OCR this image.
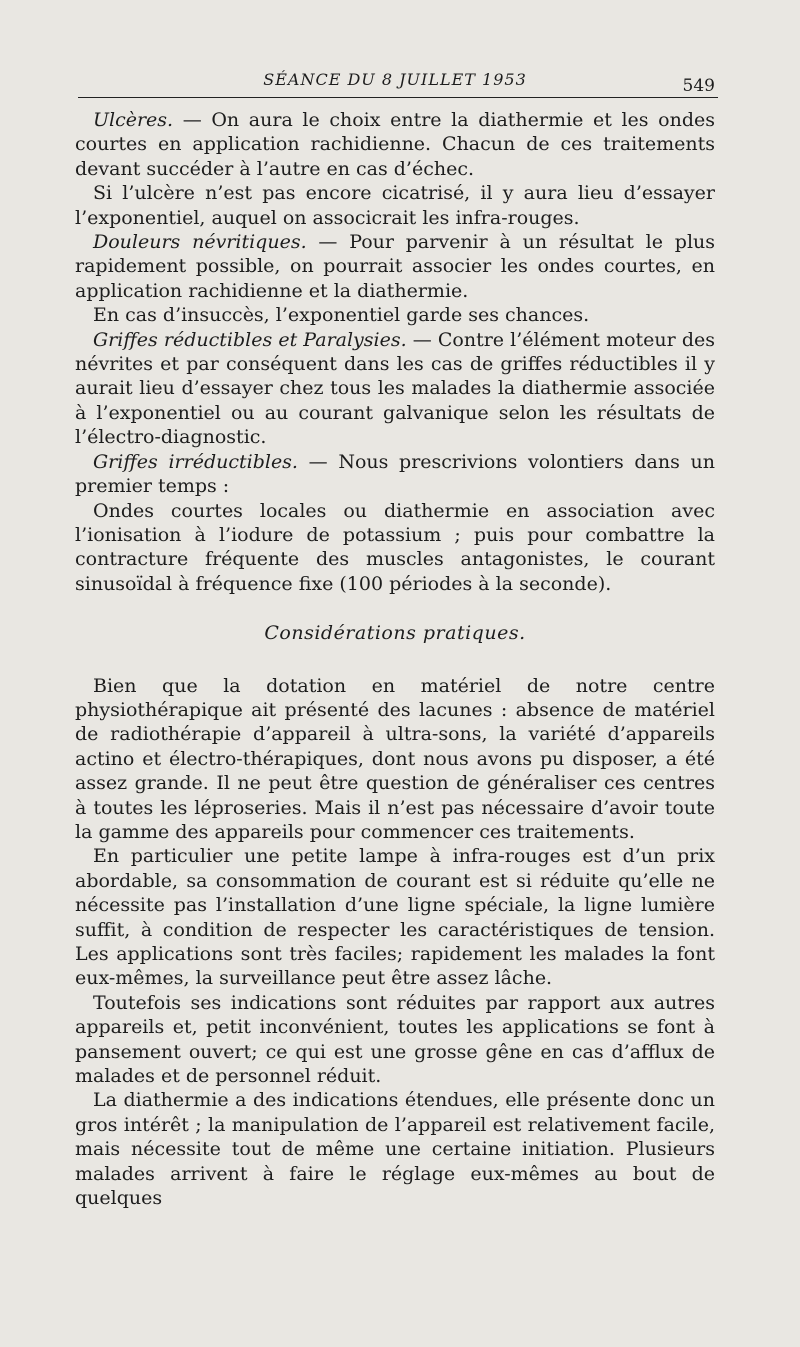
SÉANCE DU 8 JUILLET 1953	549

Ulcères. — On aura le choix entre la diathermie et les ondes courtes en application rachidienne. Chacun de ces traitements devant succéder à l’autre en cas d’échec.

Si l’ulcère n’est pas encore cicatrisé, il y aura lieu d’essayer l’exponentiel, auquel on associcrait les infra-rouges.

Douleurs névritiques. — Pour parvenir à un résultat le plus rapidement possible, on pourrait associer les ondes courtes, en application rachidienne et la diathermie.

En cas d’insuccès, l’exponentiel garde ses chances.

Griffes réductibles et Paralysies. — Contre l’élément moteur des névrites et par conséquent dans les cas de griffes réductibles il y aurait lieu d’essayer chez tous les malades la diathermie associée à l’exponentiel ou au courant galvanique selon les résultats de l’électro-diagnostic.

Griffes irréductibles. — Nous prescrivions volontiers dans un premier temps :

Ondes courtes locales ou diathermie en association avec l’ionisation à l’iodure de potassium ; puis pour combattre la contracture fréquente des muscles antagonistes, le courant sinusoïdal à fréquence fixe (100 périodes à la seconde).

Considérations pratiques.

Bien que la dotation en matériel de notre centre physiothérapique ait présenté des lacunes : absence de matériel de radiothérapie d’appareil à ultra-sons, la variété d’appareils actino et électro-thérapiques, dont nous avons pu disposer, a été assez grande. Il ne peut être question de généraliser ces centres à toutes les léproseries. Mais il n’est pas nécessaire d’avoir toute la gamme des appareils pour commencer ces traitements.

En particulier une petite lampe à infra-rouges est d’un prix abordable, sa consommation de courant est si réduite qu’elle ne nécessite pas l’installation d’une ligne spéciale, la ligne lumière suffit, à condition de respecter les caractéristiques de tension. Les applications sont très faciles; rapidement les malades la font eux-mêmes, la surveillance peut être assez lâche.

Toutefois ses indications sont réduites par rapport aux autres appareils et, petit inconvénient, toutes les applications se font à pansement ouvert; ce qui est une grosse gêne en cas d’afflux de malades et de personnel réduit.

La diathermie a des indications étendues, elle présente donc un gros intérêt ; la manipulation de l’appareil est relativement facile, mais nécessite tout de même une certaine initiation. Plusieurs malades arrivent à faire le réglage eux-mêmes au bout de quelques
